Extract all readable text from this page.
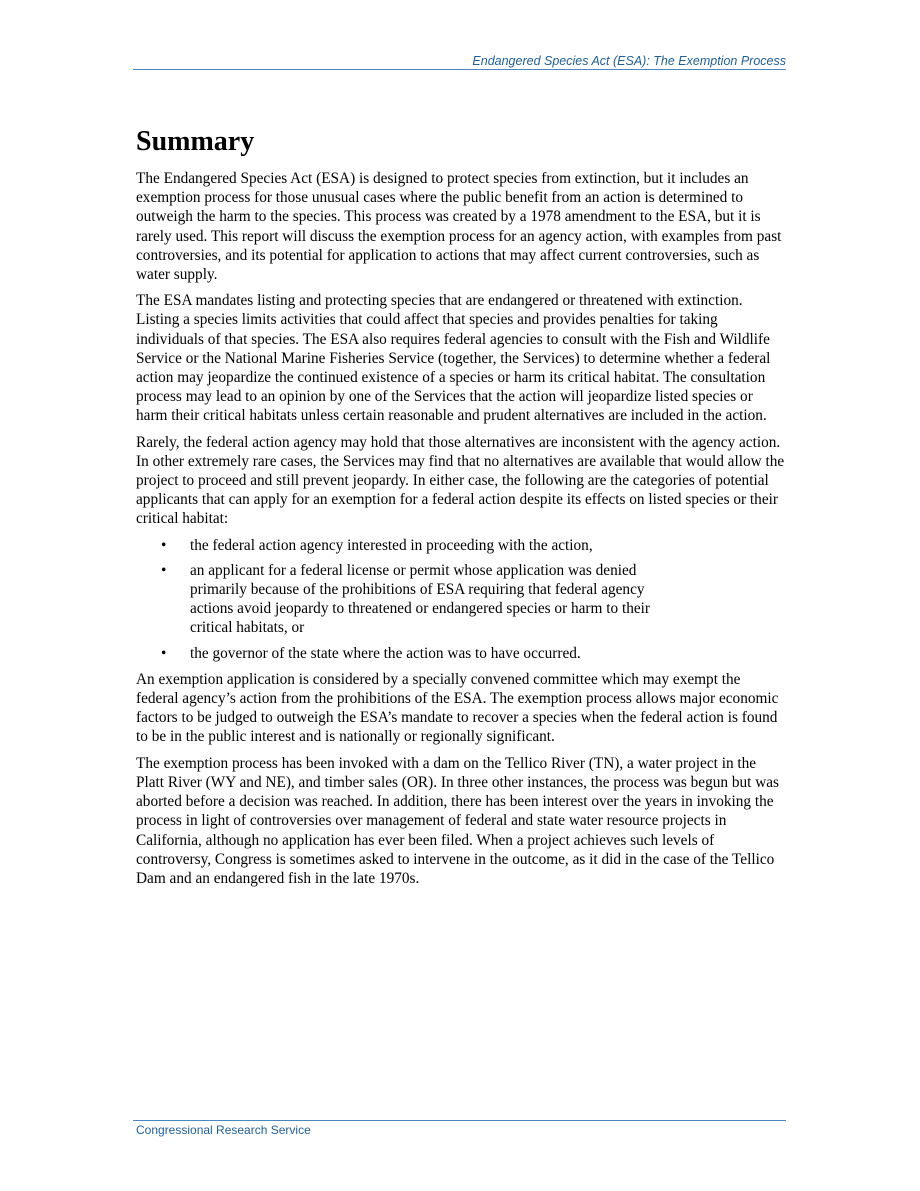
Endangered Species Act (ESA): The Exemption Process
Summary

The Endangered Species Act (ESA) is designed to protect species from extinction, but it includes an exemption process for those unusual cases where the public benefit from an action is determined to outweigh the harm to the species. This process was created by a 1978 amendment to the ESA, but it is rarely used. This report will discuss the exemption process for an agency action, with examples from past controversies, and its potential for application to actions that may affect current controversies, such as water supply.

The ESA mandates listing and protecting species that are endangered or threatened with extinction. Listing a species limits activities that could affect that species and provides penalties for taking individuals of that species. The ESA also requires federal agencies to consult with the Fish and Wildlife Service or the National Marine Fisheries Service (together, the Services) to determine whether a federal action may jeopardize the continued existence of a species or harm its critical habitat. The consultation process may lead to an opinion by one of the Services that the action will jeopardize listed species or harm their critical habitats unless certain reasonable and prudent alternatives are included in the action.

Rarely, the federal action agency may hold that those alternatives are inconsistent with the agency action. In other extremely rare cases, the Services may find that no alternatives are available that would allow the project to proceed and still prevent jeopardy. In either case, the following are the categories of potential applicants that can apply for an exemption for a federal action despite its effects on listed species or their critical habitat:

• the federal action agency interested in proceeding with the action,
• an applicant for a federal license or permit whose application was denied primarily because of the prohibitions of ESA requiring that federal agency actions avoid jeopardy to threatened or endangered species or harm to their critical habitats, or
• the governor of the state where the action was to have occurred.

An exemption application is considered by a specially convened committee which may exempt the federal agency’s action from the prohibitions of the ESA. The exemption process allows major economic factors to be judged to outweigh the ESA’s mandate to recover a species when the federal action is found to be in the public interest and is nationally or regionally significant.

The exemption process has been invoked with a dam on the Tellico River (TN), a water project in the Platt River (WY and NE), and timber sales (OR). In three other instances, the process was begun but was aborted before a decision was reached. In addition, there has been interest over the years in invoking the process in light of controversies over management of federal and state water resource projects in California, although no application has ever been filed. When a project achieves such levels of controversy, Congress is sometimes asked to intervene in the outcome, as it did in the case of the Tellico Dam and an endangered fish in the late 1970s.

Congressional Research Service
